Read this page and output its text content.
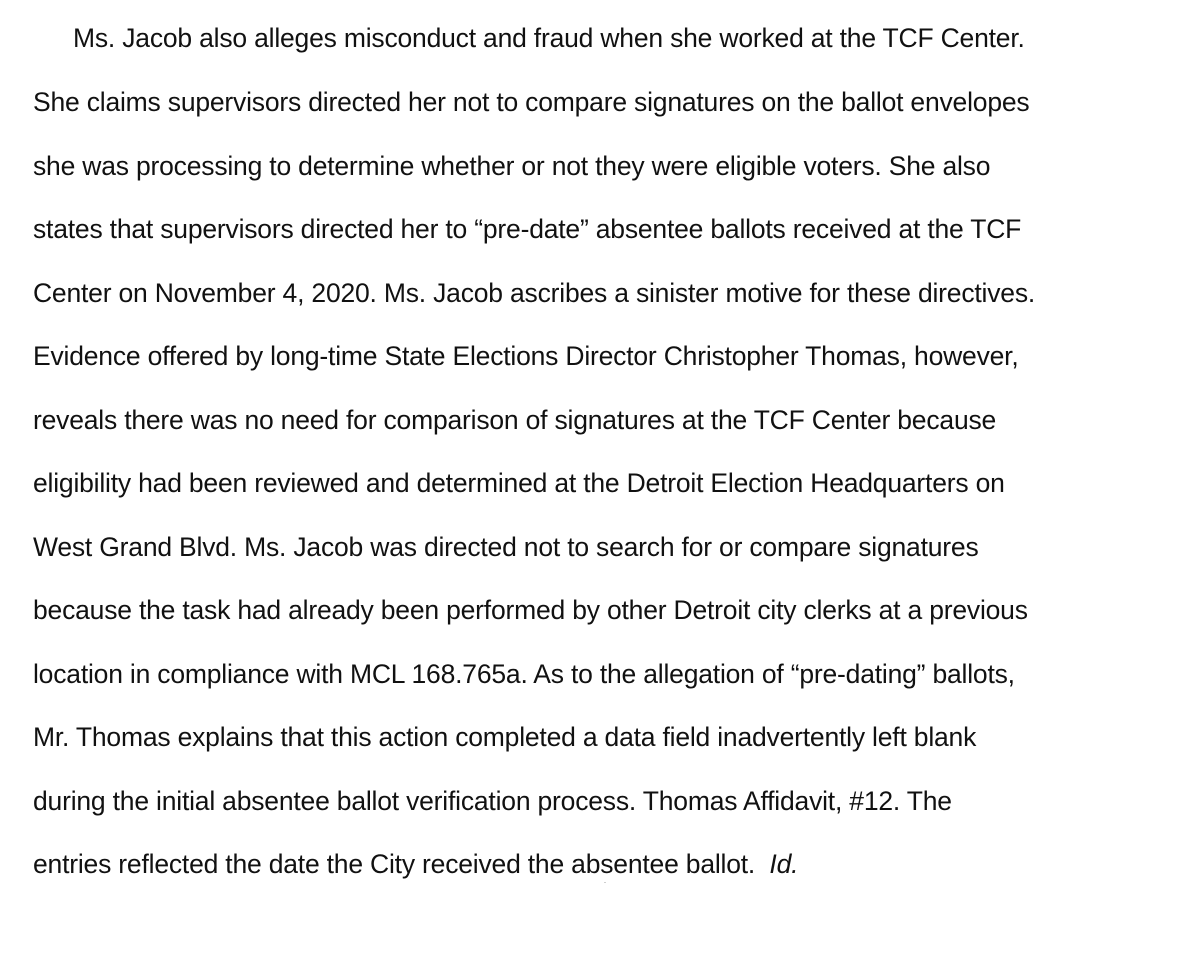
Ms. Jacob also alleges misconduct and fraud when she worked at the TCF Center.
She claims supervisors directed her not to compare signatures on the ballot envelopes
she was processing to determine whether or not they were eligible voters. She also
states that supervisors directed her to “pre-date” absentee ballots received at the TCF
Center on November 4, 2020. Ms. Jacob ascribes a sinister motive for these directives.
Evidence offered by long-time State Elections Director Christopher Thomas, however,
reveals there was no need for comparison of signatures at the TCF Center because
eligibility had been reviewed and determined at the Detroit Election Headquarters on
West Grand Blvd. Ms. Jacob was directed not to search for or compare signatures
because the task had already been performed by other Detroit city clerks at a previous
location in compliance with MCL 168.765a. As to the allegation of “pre-dating” ballots,
Mr. Thomas explains that this action completed a data field inadvertently left blank
during the initial absentee ballot verification process. Thomas Affidavit, #12. The
entries reflected the date the City received the absentee ballot. Id.
